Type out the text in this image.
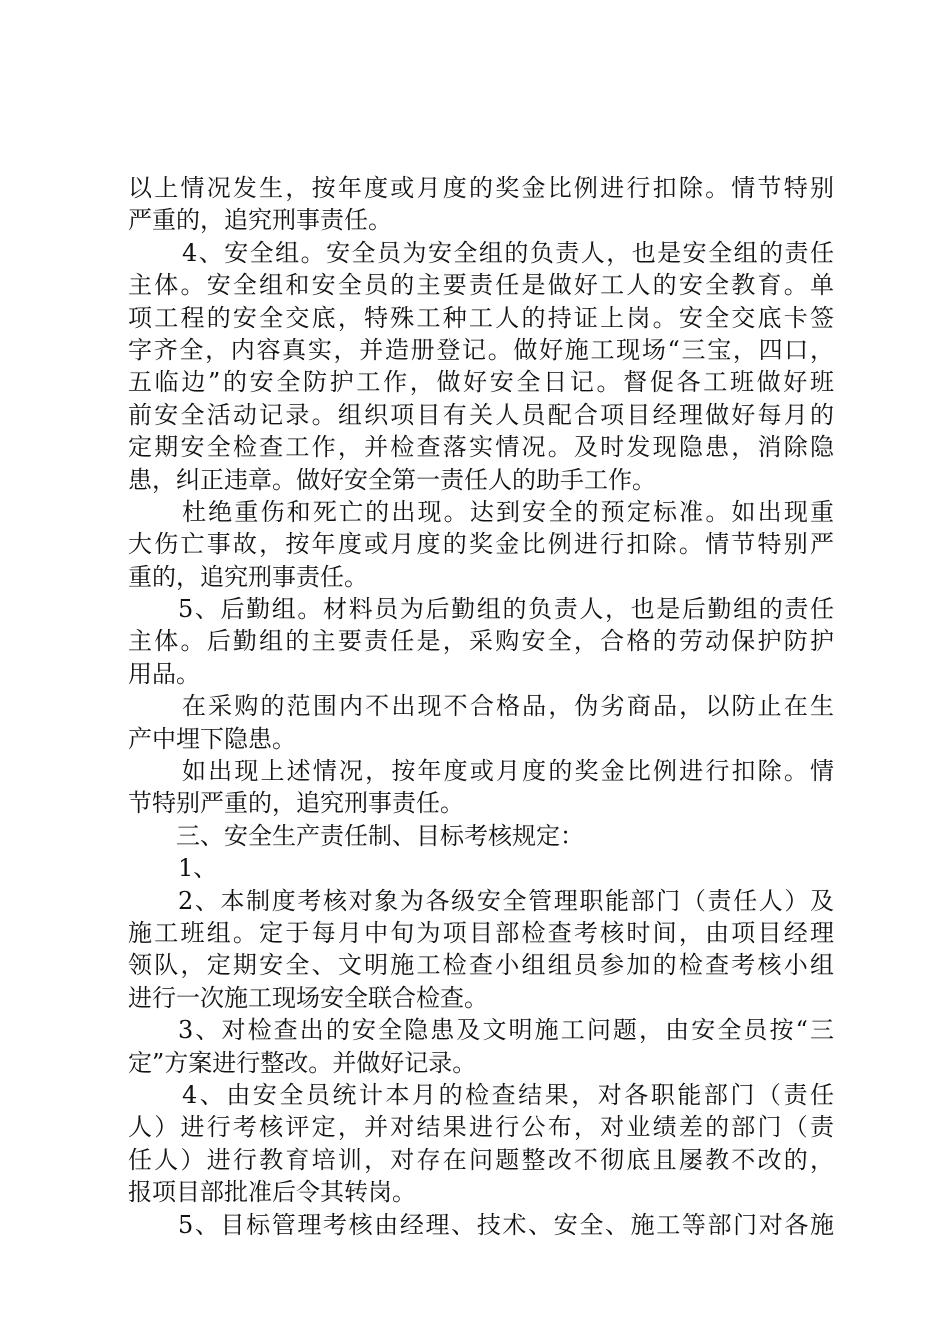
以上情况发生，按年度或月度的奖金比例进行扣除。情节特别
严重的，追究刑事责任。
4、安全组。安全员为安全组的负责人，也是安全组的责任
主体。安全组和安全员的主要责任是做好工人的安全教育。单
项工程的安全交底，特殊工种工人的持证上岗。安全交底卡签
字齐全，内容真实，并造册登记。做好施工现场“三宝，四口，
五临边”的安全防护工作，做好安全日记。督促各工班做好班
前安全活动记录。组织项目有关人员配合项目经理做好每月的
定期安全检查工作，并检查落实情况。及时发现隐患，消除隐
患，纠正违章。做好安全第一责任人的助手工作。
杜绝重伤和死亡的出现。达到安全的预定标准。如出现重
大伤亡事故，按年度或月度的奖金比例进行扣除。情节特别严
重的，追究刑事责任。
5、后勤组。材料员为后勤组的负责人，也是后勤组的责任
主体。后勤组的主要责任是，采购安全，合格的劳动保护防护
用品。
在采购的范围内不出现不合格品，伪劣商品，以防止在生
产中埋下隐患。
如出现上述情况，按年度或月度的奖金比例进行扣除。情
节特别严重的，追究刑事责任。
三、安全生产责任制、目标考核规定：
1、
2、本制度考核对象为各级安全管理职能部门（责任人）及
施工班组。定于每月中旬为项目部检查考核时间，由项目经理
领队，定期安全、文明施工检查小组组员参加的检查考核小组
进行一次施工现场安全联合检查。
3、对检查出的安全隐患及文明施工问题，由安全员按“三
定”方案进行整改。并做好记录。
4、由安全员统计本月的检查结果，对各职能部门（责任
人）进行考核评定，并对结果进行公布，对业绩差的部门（责
任人）进行教育培训，对存在问题整改不彻底且屡教不改的，
报项目部批准后令其转岗。
5、目标管理考核由经理、技术、安全、施工等部门对各施
